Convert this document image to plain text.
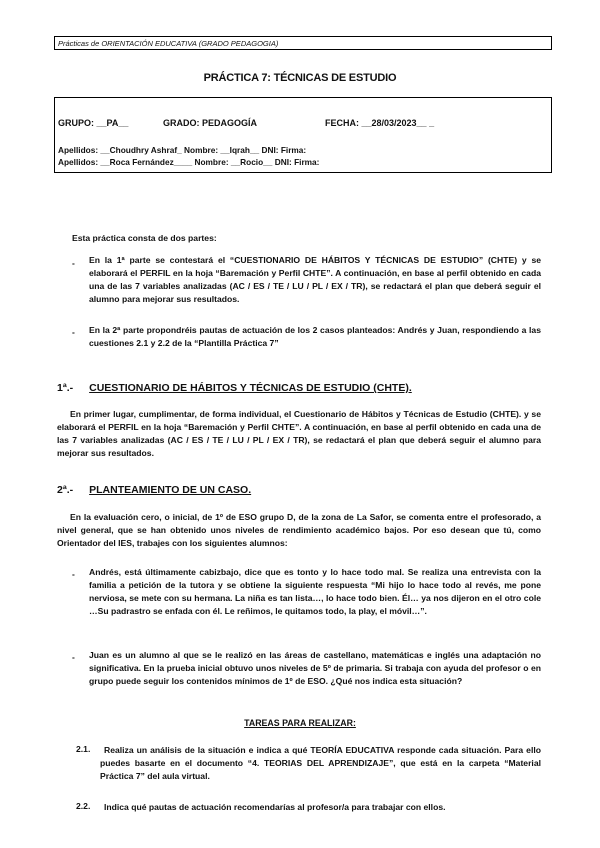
Prácticas de ORIENTACIÓN EDUCATIVA (GRADO PEDAGOGIA)
PRÁCTICA 7: TÉCNICAS DE ESTUDIO
GRUPO: __PA__	GRADO: PEDAGOGÍA	FECHA: __28/03/2023__ _
Apellidos: __Choudhry Ashraf_ Nombre: __Iqrah__ DNI: Firma:
Apellidos: __Roca Fernández____ Nombre: __Rocio__ DNI: Firma:
Esta práctica consta de dos partes:
- En la 1ª parte se contestará el “CUESTIONARIO DE HÁBITOS Y TÉCNICAS DE ESTUDIO” (CHTE) y se elaborará el PERFIL en la hoja “Baremación y Perfil CHTE”. A continuación, en base al perfil obtenido en cada una de las 7 variables analizadas (AC / ES / TE / LU / PL / EX / TR), se redactará el plan que deberá seguir el alumno para mejorar sus resultados.
- En la 2ª parte propondréis pautas de actuación de los 2 casos planteados: Andrés y Juan, respondiendo a las cuestiones 2.1 y 2.2 de la “Plantilla Práctica 7”
1ª.- CUESTIONARIO DE HÁBITOS Y TÉCNICAS DE ESTUDIO (CHTE).
En primer lugar, cumplimentar, de forma individual, el Cuestionario de Hábitos y Técnicas de Estudio (CHTE). y se elaborará el PERFIL en la hoja “Baremación y Perfil CHTE”. A continuación, en base al perfil obtenido en cada una de las 7 variables analizadas (AC / ES / TE / LU / PL / EX / TR), se redactará el plan que deberá seguir el alumno para mejorar sus resultados.
2ª.- PLANTEAMIENTO DE UN CASO.
En la evaluación cero, o inicial, de 1º de ESO grupo D, de la zona de La Safor, se comenta entre el profesorado, a nivel general, que se han obtenido unos niveles de rendimiento académico bajos. Por eso desean que tú, como Orientador del IES, trabajes con los siguientes alumnos:
- Andrés, está últimamente cabizbajo, dice que es tonto y lo hace todo mal. Se realiza una entrevista con la familia a petición de la tutora y se obtiene la siguiente respuesta “Mi hijo lo hace todo al revés, me pone nerviosa, se mete con su hermana. La niña es tan lista…, lo hace todo bien. Él… ya nos dijeron en el otro cole …Su padrastro se enfada con él. Le reñimos, le quitamos todo, la play, el móvil…”.
- Juan es un alumno al que se le realizó en las áreas de castellano, matemáticas e inglés una adaptación no significativa. En la prueba inicial obtuvo unos niveles de 5º de primaria. Si trabaja con ayuda del profesor o en grupo puede seguir los contenidos mínimos de 1º de ESO. ¿Qué nos indica esta situación?
TAREAS PARA REALIZAR:
2.1.	Realiza un análisis de la situación e indica a qué TEORÍA EDUCATIVA responde cada situación. Para ello puedes basarte en el documento “4. TEORIAS DEL APRENDIZAJE”, que está en la carpeta “Material Práctica 7” del aula virtual.
2.2.	Indica qué pautas de actuación recomendarías al profesor/a para trabajar con ellos.
